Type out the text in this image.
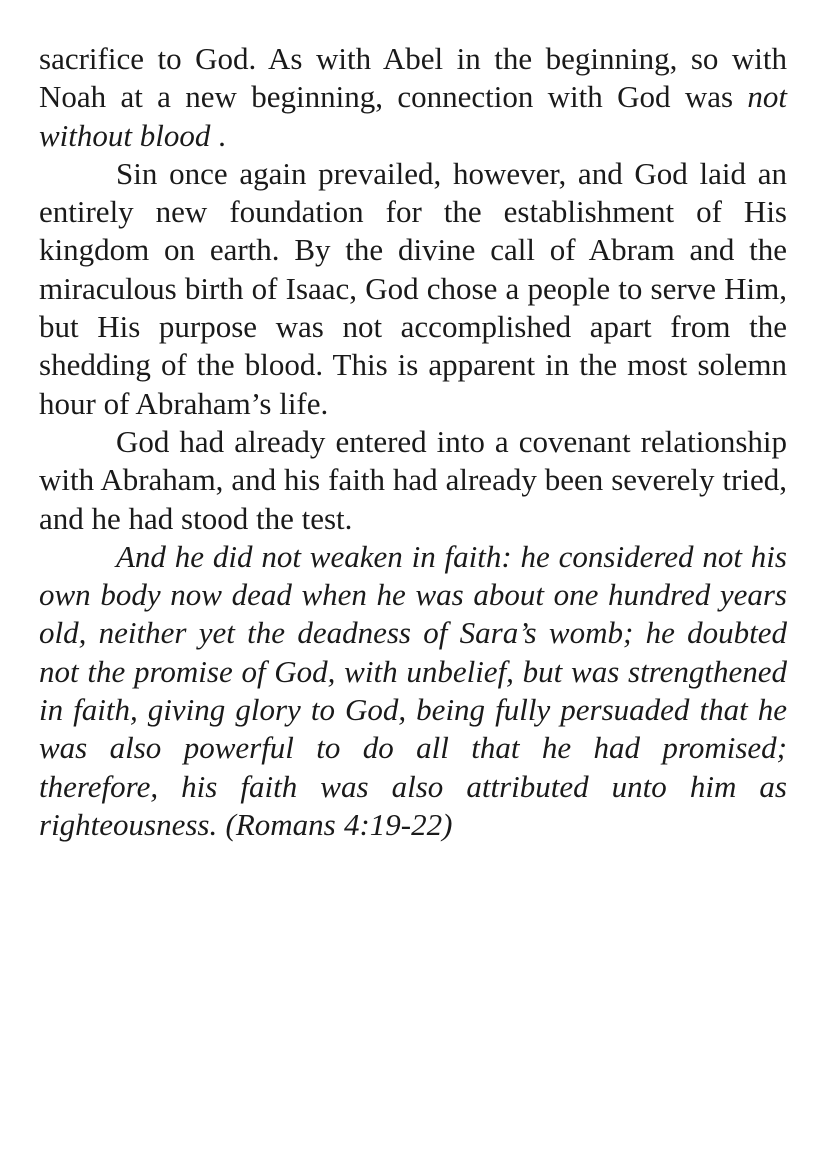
sacrifice to God. As with Abel in the beginning, so with Noah at a new beginning, connection with God was not without blood .

Sin once again prevailed, however, and God laid an entirely new foundation for the establishment of His kingdom on earth. By the divine call of Abram and the miraculous birth of Isaac, God chose a people to serve Him, but His purpose was not accomplished apart from the shedding of the blood. This is apparent in the most solemn hour of Abraham’s life.

God had already entered into a covenant relationship with Abraham, and his faith had already been severely tried, and he had stood the test.

And he did not weaken in faith: he considered not his own body now dead when he was about one hundred years old, neither yet the deadness of Sara’s womb; he doubted not the promise of God, with unbelief, but was strengthened in faith, giving glory to God, being fully persuaded that he was also powerful to do all that he had promised; therefore, his faith was also attributed unto him as righteousness. (Romans 4:19-22)
